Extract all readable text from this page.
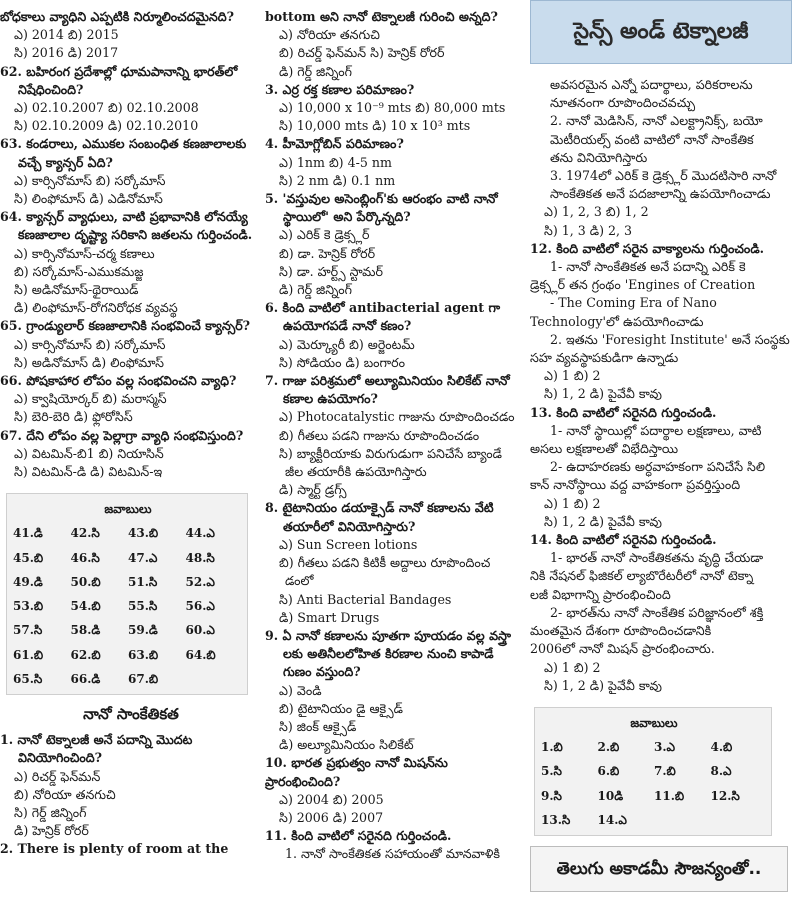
బోధకాలు వ్యాధిని ఎప్పటికి నిర్మూలించదమైనది?
ఎ) 2014 బి) 2015
సి) 2016 డి) 2017
62. బహిరంగ ప్రదేశాల్లో ధూమపానాన్ని భారత్‌లో
నిషేధించింది?
ఎ) 02.10.2007 బి) 02.10.2008
సి) 02.10.2009 డి) 02.10.2010
63. కండరాలు, ఎముకల సంబంధిత కణజాలాలకు
వచ్చే క్యాన్సర్ ఏది?
ఎ) కార్సినోమాస్ బి) సర్కోమాస్
సి) లింఫోమాస్ డి) ఎడినోమాస్
64. క్యాన్సర్ వ్యాధులు, వాటి ప్రభావానికి లోనయ్యే
కణజాలాల దృష్ట్యా సరికాని జతలను గుర్తించండి.
ఎ) కార్సినోమాస్-చర్మ కణాలు
బి) సర్కోమాస్-ఎముకమజ్జ
సి) అడినోమాస్-థైరాయిడ్
డి) లింఫోమాస్-రోగనిరోధక వ్యవస్థ
65. గ్రాండ్యులార్ కణజాలానికి సంభవించే క్యాన్సర్?
ఎ) కార్సినోమాస్ బి) సర్కోమాస్
సి) అడినోమాస్ డి) లింఫోమాస్
66. పోషకాహార లోపం వల్ల సంభవించని వ్యాధి?
ఎ) క్వాషియోర్కర్ బి) మరాస్మస్
సి) బెరి-బెరి డి) ఫ్లోరోసిస్
67. దేని లోపం వల్ల పెల్లాగ్రా వ్యాధి సంభవిస్తుంది?
ఎ) విటమిన్-బి1 బి) నియాసిన్
సి) విటమిన్-డి డి) విటమిన్-ఇ
జవాబులు
41.డి	42.సి	43.బి	44.ఎ
45.బి	46.సి	47.ఎ	48.సి
49.డి	50.బి	51.సి	52.ఎ
53.బి	54.బి	55.సి	56.ఎ
57.సి	58.డి	59.డి	60.ఎ
61.బి	62.బి	63.బి	64.బి
65.సి	66.డి	67.బి
నానో సాంకేతికత
1. నానో టెక్నాలజీ అనే పదాన్ని మొదట
వినియోగించింది?
ఎ) రిచర్డ్ ఫెన్‌మన్
బి) నోరియా తనగుచి
సి) గెర్డ్ జిన్నింగ్
డి) హెన్రిక్ రోరర్
2. There is plenty of room at the
bottom అని నానో టెక్నాలజీ గురించి అన్నది?
ఎ) నోరియా తనగుచి
బి) రిచర్డ్ ఫెన్‌మన్ సి) హెన్రిక్ రోరర్
డి) గెర్డ్ జిన్నింగ్
3. ఎర్ర రక్త కణాల పరిమాణం?
ఎ) 10,000 x 10⁻⁹ mts బి) 80,000 mts
సి) 10,000 mts డి) 10 x 10³ mts
4. హీమోగ్లోబిన్ పరిమాణం?
ఎ) 1nm బి) 4-5 nm
సి) 2 nm డి) 0.1 nm
5. 'వస్తువుల అసెంబ్లింగ్'కు ఆరంభం వాటి నానో
స్థాయిలో' అని పేర్కొన్నది?
ఎ) ఎరిక్ కె డ్రెక్స్లర్
బి) డా. హెన్రిక్ రోరర్
సి) డా. హర్ట్స్ స్టామర్
డి) గెర్డ్ జిన్నింగ్
6. కింది వాటిలో antibacterial agent గా
ఉపయోగపడే నానో కణం?
ఎ) మెర్క్యూరీ బి) అర్జెంటమ్
సి) సోడియం డి) బంగారం
7. గాజు పరిశ్రమలో అల్యూమినియం సిలికేట్ నానో
కణాల ఉపయోగం?
ఎ) Photocatalystic గాజును రూపొందించడం
బి) గీతలు పడని గాజును రూపొందించడం
సి) బ్యాక్టీరియాకు విరుగుడుగా పనిచేసే బ్యాండే
జీల తయారీకి ఉపయోగిస్తారు
డి) స్మార్ట్ డ్రగ్స్
8. టైటానియం డయాక్సైడ్ నానో కణాలను వేటి
తయారీలో వినియోగిస్తారు?
ఎ) Sun Screen lotions
బి) గీతలు పడని కిటికీ అద్దాలు రూపొందించ
డంలో
సి) Anti Bacterial Bandages
డి) Smart Drugs
9. ఏ నానో కణాలను పూతగా పూయడం వల్ల వస్త్రా
లకు అతినీలలోహిత కిరణాల నుంచి కాపాడే
గుణం వస్తుంది?
ఎ) వెండి
బి) టైటానియం డై ఆక్సైడ్
సి) జింక్ ఆక్సైడ్
డి) అల్యూమినియం సిలికేట్
10. భారత ప్రభుత్వం నానో మిషన్‌ను ప్రారంభించింది?
ఎ) 2004 బి) 2005
సి) 2006 డి) 2007
11. కింది వాటిలో సరైనది గుర్తించండి.
1. నానో సాంకేతికత సహాయంతో మానవాళికి
సైన్స్ అండ్ టెక్నాలజీ
అవసరమైన ఎన్నో పదార్థాలు, పరికరాలను
నూతనంగా రూపొందించవచ్చు
2. నానో మెడిసిన్, నానో ఎలక్ట్రానిక్స్, బయో
మెటీరియల్స్ వంటి వాటిలో నానో సాంకేతిక
తను వినియోగిస్తారు
3. 1974లో ఎరిక్ కె డ్రెక్స్లర్ మొదటిసారి నానో
సాంకేతికత అనే పదజాలాన్ని ఉపయోగించాడు
ఎ) 1, 2, 3 బి) 1, 2
సి) 1, 3 డి) 2, 3
12. కింది వాటిలో సరైన వాక్యాలను గుర్తించండి.
1- నానో సాంకేతికత అనే పదాన్ని ఎరిక్ కె
డ్రెక్స్లర్ తన గ్రంథం 'Engines of Creation
- The Coming Era of Nano
Technology'లో ఉపయోగించాడు
2. ఇతను 'Foresight Institute' అనే సంస్థకు
సహ వ్యవస్థాపకుడిగా ఉన్నాడు
ఎ) 1 బి) 2
సి) 1, 2 డి) పైవేవీ కావు
13. కింది వాటిలో సరైనది గుర్తించండి.
1- నానో స్థాయిల్లో పదార్థాల లక్షణాలు, వాటి
అసలు లక్షణాలతో విభేదిస్తాయి
2- ఉదాహరణకు అర్ధవాహకంగా పనిచేసే సిలి
కాన్ నానోస్థాయి వద్ద వాహకంగా ప్రవర్తిస్తుంది
ఎ) 1 బి) 2
సి) 1, 2 డి) పైవేవీ కావు
14. కింది వాటిలో సరైనవి గుర్తించండి.
1- భారత్ నానో సాంకేతికతను వృద్ధి చేయడా
నికి నేషనల్ ఫిజికల్ ల్యాబొరేటరీలో నానో టెక్నా
లజీ విభాగాన్ని ప్రారంభించింది
2- భారత్‌ను నానో సాంకేతిక పరిజ్ఞానంలో శక్తి
మంతమైన దేశంగా రూపొందించడానికి
2006లో నానో మిషన్ ప్రారంభించారు.
ఎ) 1 బి) 2
సి) 1, 2 డి) పైవేవీ కావు
జవాబులు
1.బి	2.బి	3.ఎ	4.బి
5.సి	6.బి	7.బి	8.ఎ
9.సి	10డి	11.బి	12.సి
13.సి	14.ఎ
తెలుగు అకాడమీ సౌజన్యంతో..
